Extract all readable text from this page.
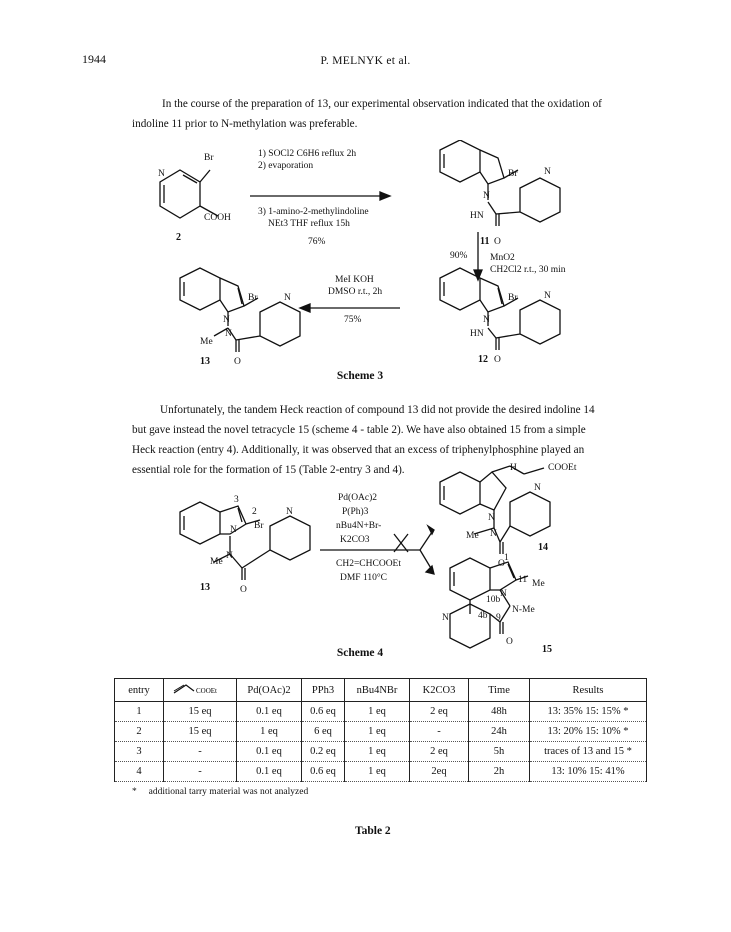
1944	P. MELNYK et al.
In the course of the preparation of 13, our experimental observation indicated that the oxidation of
indoline 11 prior to N-methylation was preferable.
Br
N
COOH
2
1) SOCl2 C6H6 reflux 2h
2) evaporation
3) 1-amino-2-methylindoline
NEt3 THF reflux 15h
76%
N
HN
Br	N
11 O
MnO2
CH2Cl2 r.t., 30 min
90%
N
HN
Br	N
12 O
MeI KOH
DMSO r.t., 2h
75%
N
N
Me
Br	N
13	O
Scheme 3
Unfortunately, the tandem Heck reaction of compound 13 did not provide the desired indoline 14
but gave instead the novel tetracycle 15 (scheme 4 - table 2). We have also obtained 15 from a simple
Heck reaction (entry 4). Additionally, it was observed that an excess of triphenylphosphine played an
essential role for the formation of 15 (Table 2-entry 3 and 4).
3
2
N Br
N
Me
N
13	O
Pd(OAc)2
P(Ph)3
nBu4N+Br-
K2CO3
CH2=CHCOOEt
DMF 110°C
H	COOEt
N
Me N
N
O
14
1
11 Me
N
10b
4b
N-Me
9
N
O
15
Scheme 4
entry	COOEt	Pd(OAc)2	PPh3	nBu4NBr	K2CO3	Time	Results
1	15 eq	0.1 eq	0.6 eq	1 eq	2 eq	48h	13: 35% 15: 15% *
2	15 eq	1 eq	6 eq	1 eq	-	24h	13: 20% 15: 10% *
3	-	0.1 eq	0.2 eq	1 eq	2 eq	5h	traces of 13 and 15 *
4	-	0.1 eq	0.6 eq	1 eq	2eq	2h	13: 10% 15: 41%
* additional tarry material was not analyzed
Table 2
